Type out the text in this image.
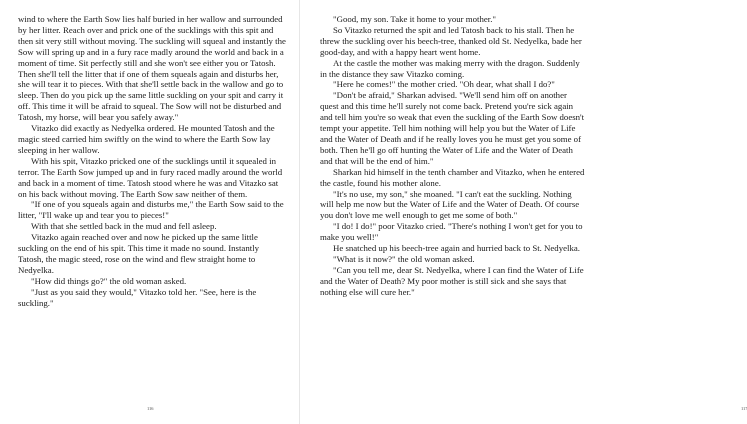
116	117

wind to where the Earth Sow lies half buried in her wallow and surrounded by her litter. Reach over and prick one of the sucklings with this spit and then sit very still without moving. The suckling will squeal and instantly the Sow will spring up and in a fury race madly around the world and back in a moment of time. Sit perfectly still and she won't see either you or Tatosh. Then she'll tell the litter that if one of them squeals again and disturbs her, she will tear it to pieces. With that she'll settle back in the wallow and go to sleep. Then do you pick up the same little suckling on your spit and carry it off. This time it will be afraid to squeal. The Sow will not be disturbed and Tatosh, my horse, will bear you safely away."

Vitazko did exactly as Nedyelka ordered. He mounted Tatosh and the magic steed carried him swiftly on the wind to where the Earth Sow lay sleeping in her wallow.

With his spit, Vitazko pricked one of the sucklings until it squealed in terror. The Earth Sow jumped up and in fury raced madly around the world and back in a moment of time. Tatosh stood where he was and Vitazko sat on his back without moving. The Earth Sow saw neither of them.

"If one of you squeals again and disturbs me," the Earth Sow said to the litter, "I'll wake up and tear you to pieces!"

With that she settled back in the mud and fell asleep.

Vitazko again reached over and now he picked up the same little suckling on the end of his spit. This time it made no sound. Instantly Tatosh, the magic steed, rose on the wind and flew straight home to Nedyelka.

"How did things go?" the old woman asked.

"Just as you said they would," Vitazko told her. "See, here is the suckling."

"Good, my son. Take it home to your mother."

So Vitazko returned the spit and led Tatosh back to his stall. Then he threw the suckling over his beech-tree, thanked old St. Nedyelka, bade her good-day, and with a happy heart went home.

At the castle the mother was making merry with the dragon. Suddenly in the distance they saw Vitazko coming.

"Here he comes!" the mother cried. "Oh dear, what shall I do?"

"Don't be afraid," Sharkan advised. "We'll send him off on another quest and this time he'll surely not come back. Pretend you're sick again and tell him you're so weak that even the suckling of the Earth Sow doesn't tempt your appetite. Tell him nothing will help you but the Water of Life and the Water of Death and if he really loves you he must get you some of both. Then he'll go off hunting the Water of Life and the Water of Death and that will be the end of him."

Sharkan hid himself in the tenth chamber and Vitazko, when he entered the castle, found his mother alone.

"It's no use, my son," she moaned. "I can't eat the suckling. Nothing will help me now but the Water of Life and the Water of Death. Of course you don't love me well enough to get me some of both."

"I do! I do!" poor Vitazko cried. "There's nothing I won't get for you to make you well!"

He snatched up his beech-tree again and hurried back to St. Nedyelka.

"What is it now?" the old woman asked.

"Can you tell me, dear St. Nedyelka, where I can find the Water of Life and the Water of Death? My poor mother is still sick and she says that nothing else will cure her."
